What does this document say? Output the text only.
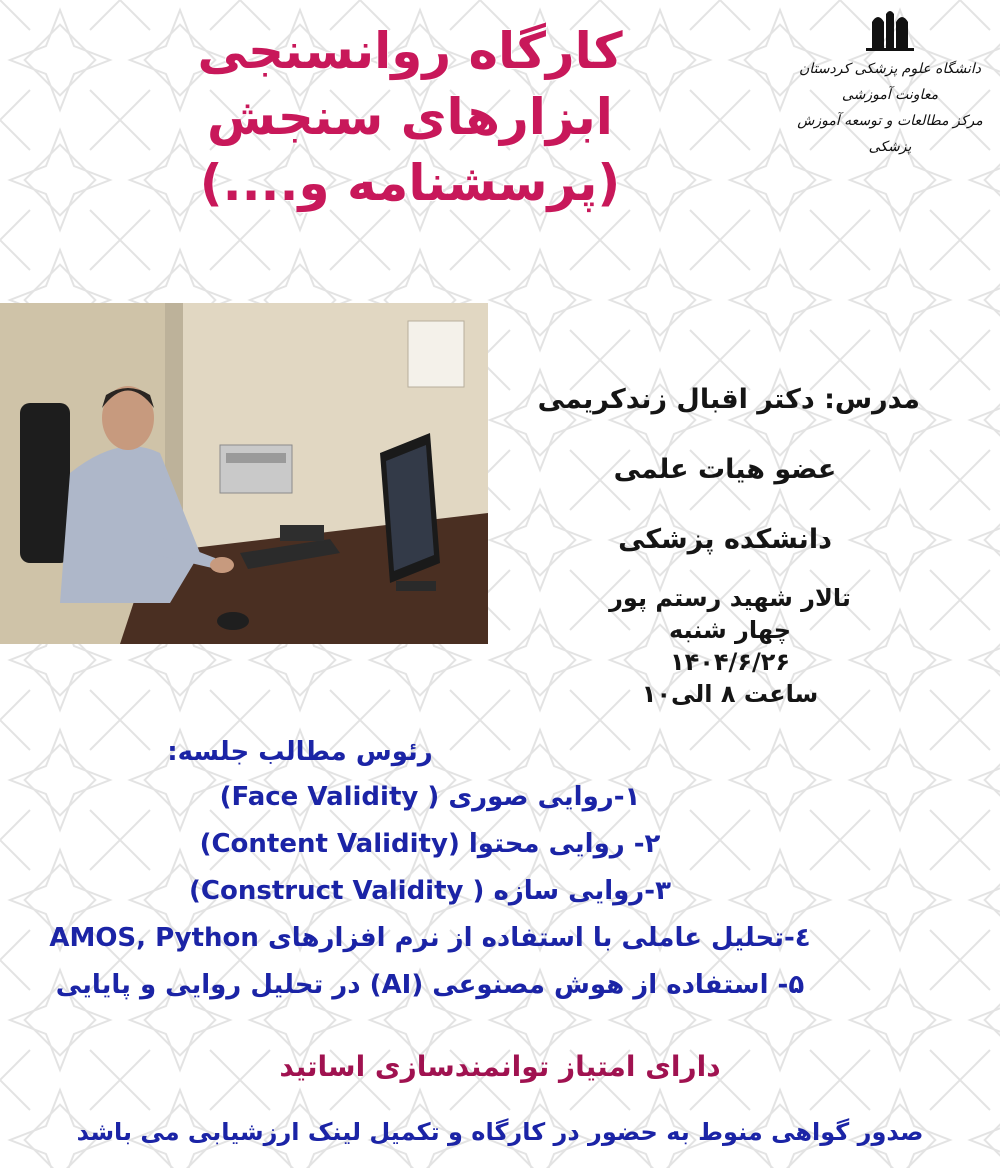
کارگاه روانسنجی
ابزارهای سنجش
(پرسشنامه و....)
دانشگاه علوم پزشکی کردستان
معاونت آموزشی
مرکز مطالعات و توسعه آموزش پزشکی
مدرس: دکتر اقبال زندکریمی
عضو هیات علمی
دانشکده پزشکی
تالار شهید رستم پور
چهار شنبه
۱۴۰۴/۶/۲۶
ساعت ۸ الی۱۰
رئوس مطالب جلسه:
۱-روایی صوری ( Face Validity)
۲- روایی محتوا (Content Validity)
۳-روایی سازه ( Construct Validity)
٤-تحلیل عاملی با استفاده از نرم افزارهای AMOS, Python
۵- استفاده از هوش مصنوعی (AI) در تحلیل روایی و پایایی
دارای امتیاز توانمندسازی اساتید
صدور گواهی منوط به حضور در کارگاه و تکمیل لینک ارزشیابی می باشد
